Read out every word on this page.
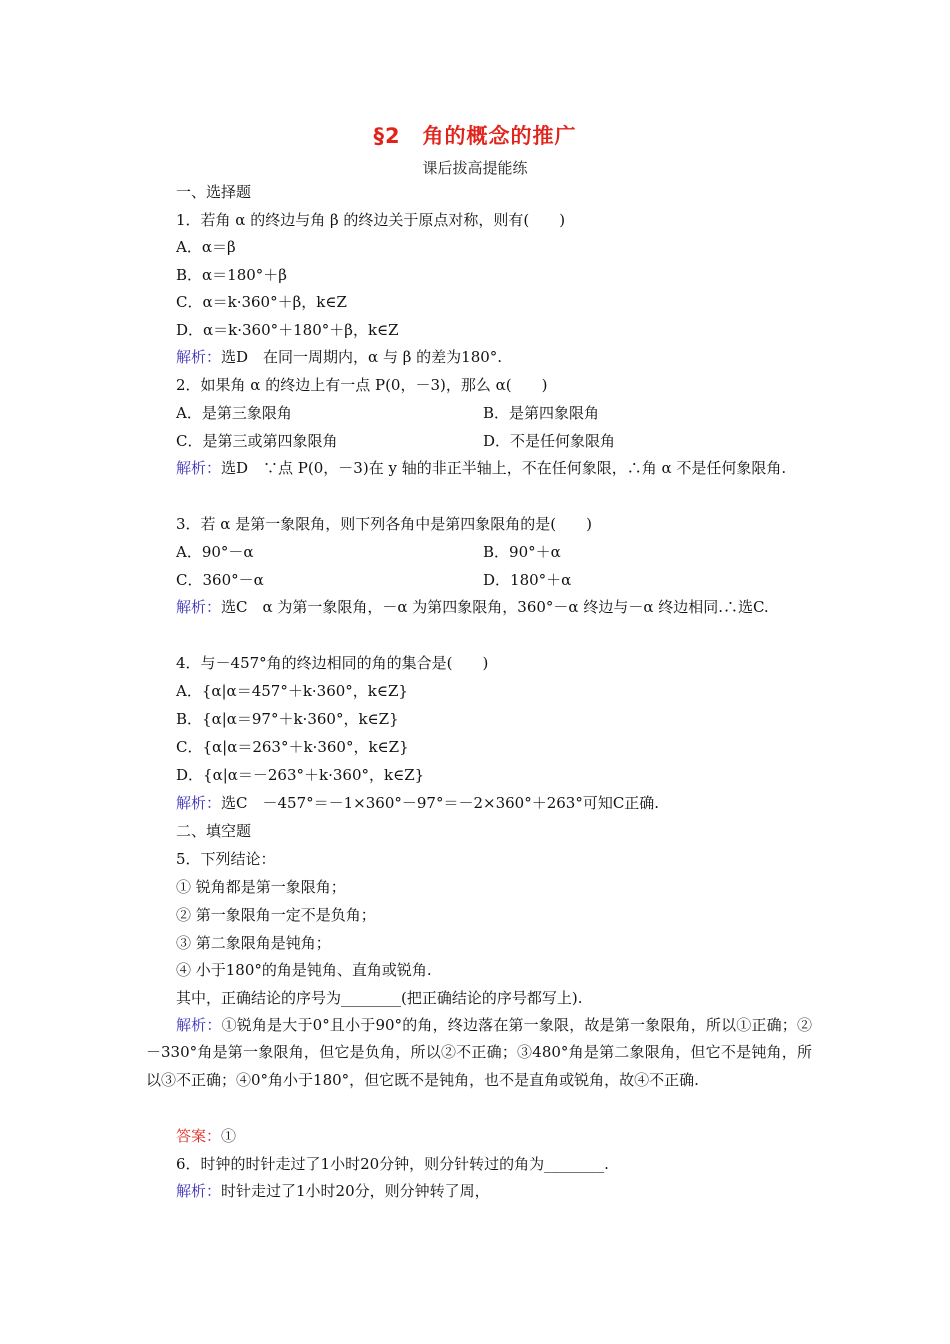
§2　角的概念的推广
课后拔高提能练
一、选择题
1．若角 α 的终边与角 β 的终边关于原点对称，则有(　　)
A．α＝β
B．α＝180°＋β
C．α＝k·360°＋β，k∈Z
D．α＝k·360°＋180°＋β，k∈Z
解析：选D　在同一周期内，α 与 β 的差为180°.
2．如果角 α 的终边上有一点 P(0，－3)，那么 α(　　)
A．是第三象限角	B．是第四象限角
C．是第三或第四象限角	D．不是任何象限角
解析：选D　∵点 P(0，－3)在 y 轴的非正半轴上，不在任何象限，∴角 α 不是任何象限角.
3．若 α 是第一象限角，则下列各角中是第四象限角的是(　　)
A．90°－α	B．90°＋α
C．360°－α	D．180°＋α
解析：选C　α 为第一象限角，－α 为第四象限角，360°－α 终边与－α 终边相同.∴选C.
4．与－457°角的终边相同的角的集合是(　　)
A．{α|α＝457°＋k·360°，k∈Z}
B．{α|α＝97°＋k·360°，k∈Z}
C．{α|α＝263°＋k·360°，k∈Z}
D．{α|α＝－263°＋k·360°，k∈Z}
解析：选C　－457°＝－1×360°－97°＝－2×360°＋263°可知C正确.
二、填空题
5．下列结论：
① 锐角都是第一象限角；
② 第一象限角一定不是负角；
③ 第二象限角是钝角；
④ 小于180°的角是钝角、直角或锐角.
其中，正确结论的序号为________(把正确结论的序号都写上).
解析：①锐角是大于0°且小于90°的角，终边落在第一象限，故是第一象限角，所以①正确；②－330°角是第一象限角，但它是负角，所以②不正确；③480°角是第二象限角，但它不是钝角，所以③不正确；④0°角小于180°，但它既不是钝角，也不是直角或锐角，故④不正确.
答案：①
6．时钟的时针走过了1小时20分钟，则分针转过的角为________.
解析：时针走过了1小时20分，则分钟转了周，
